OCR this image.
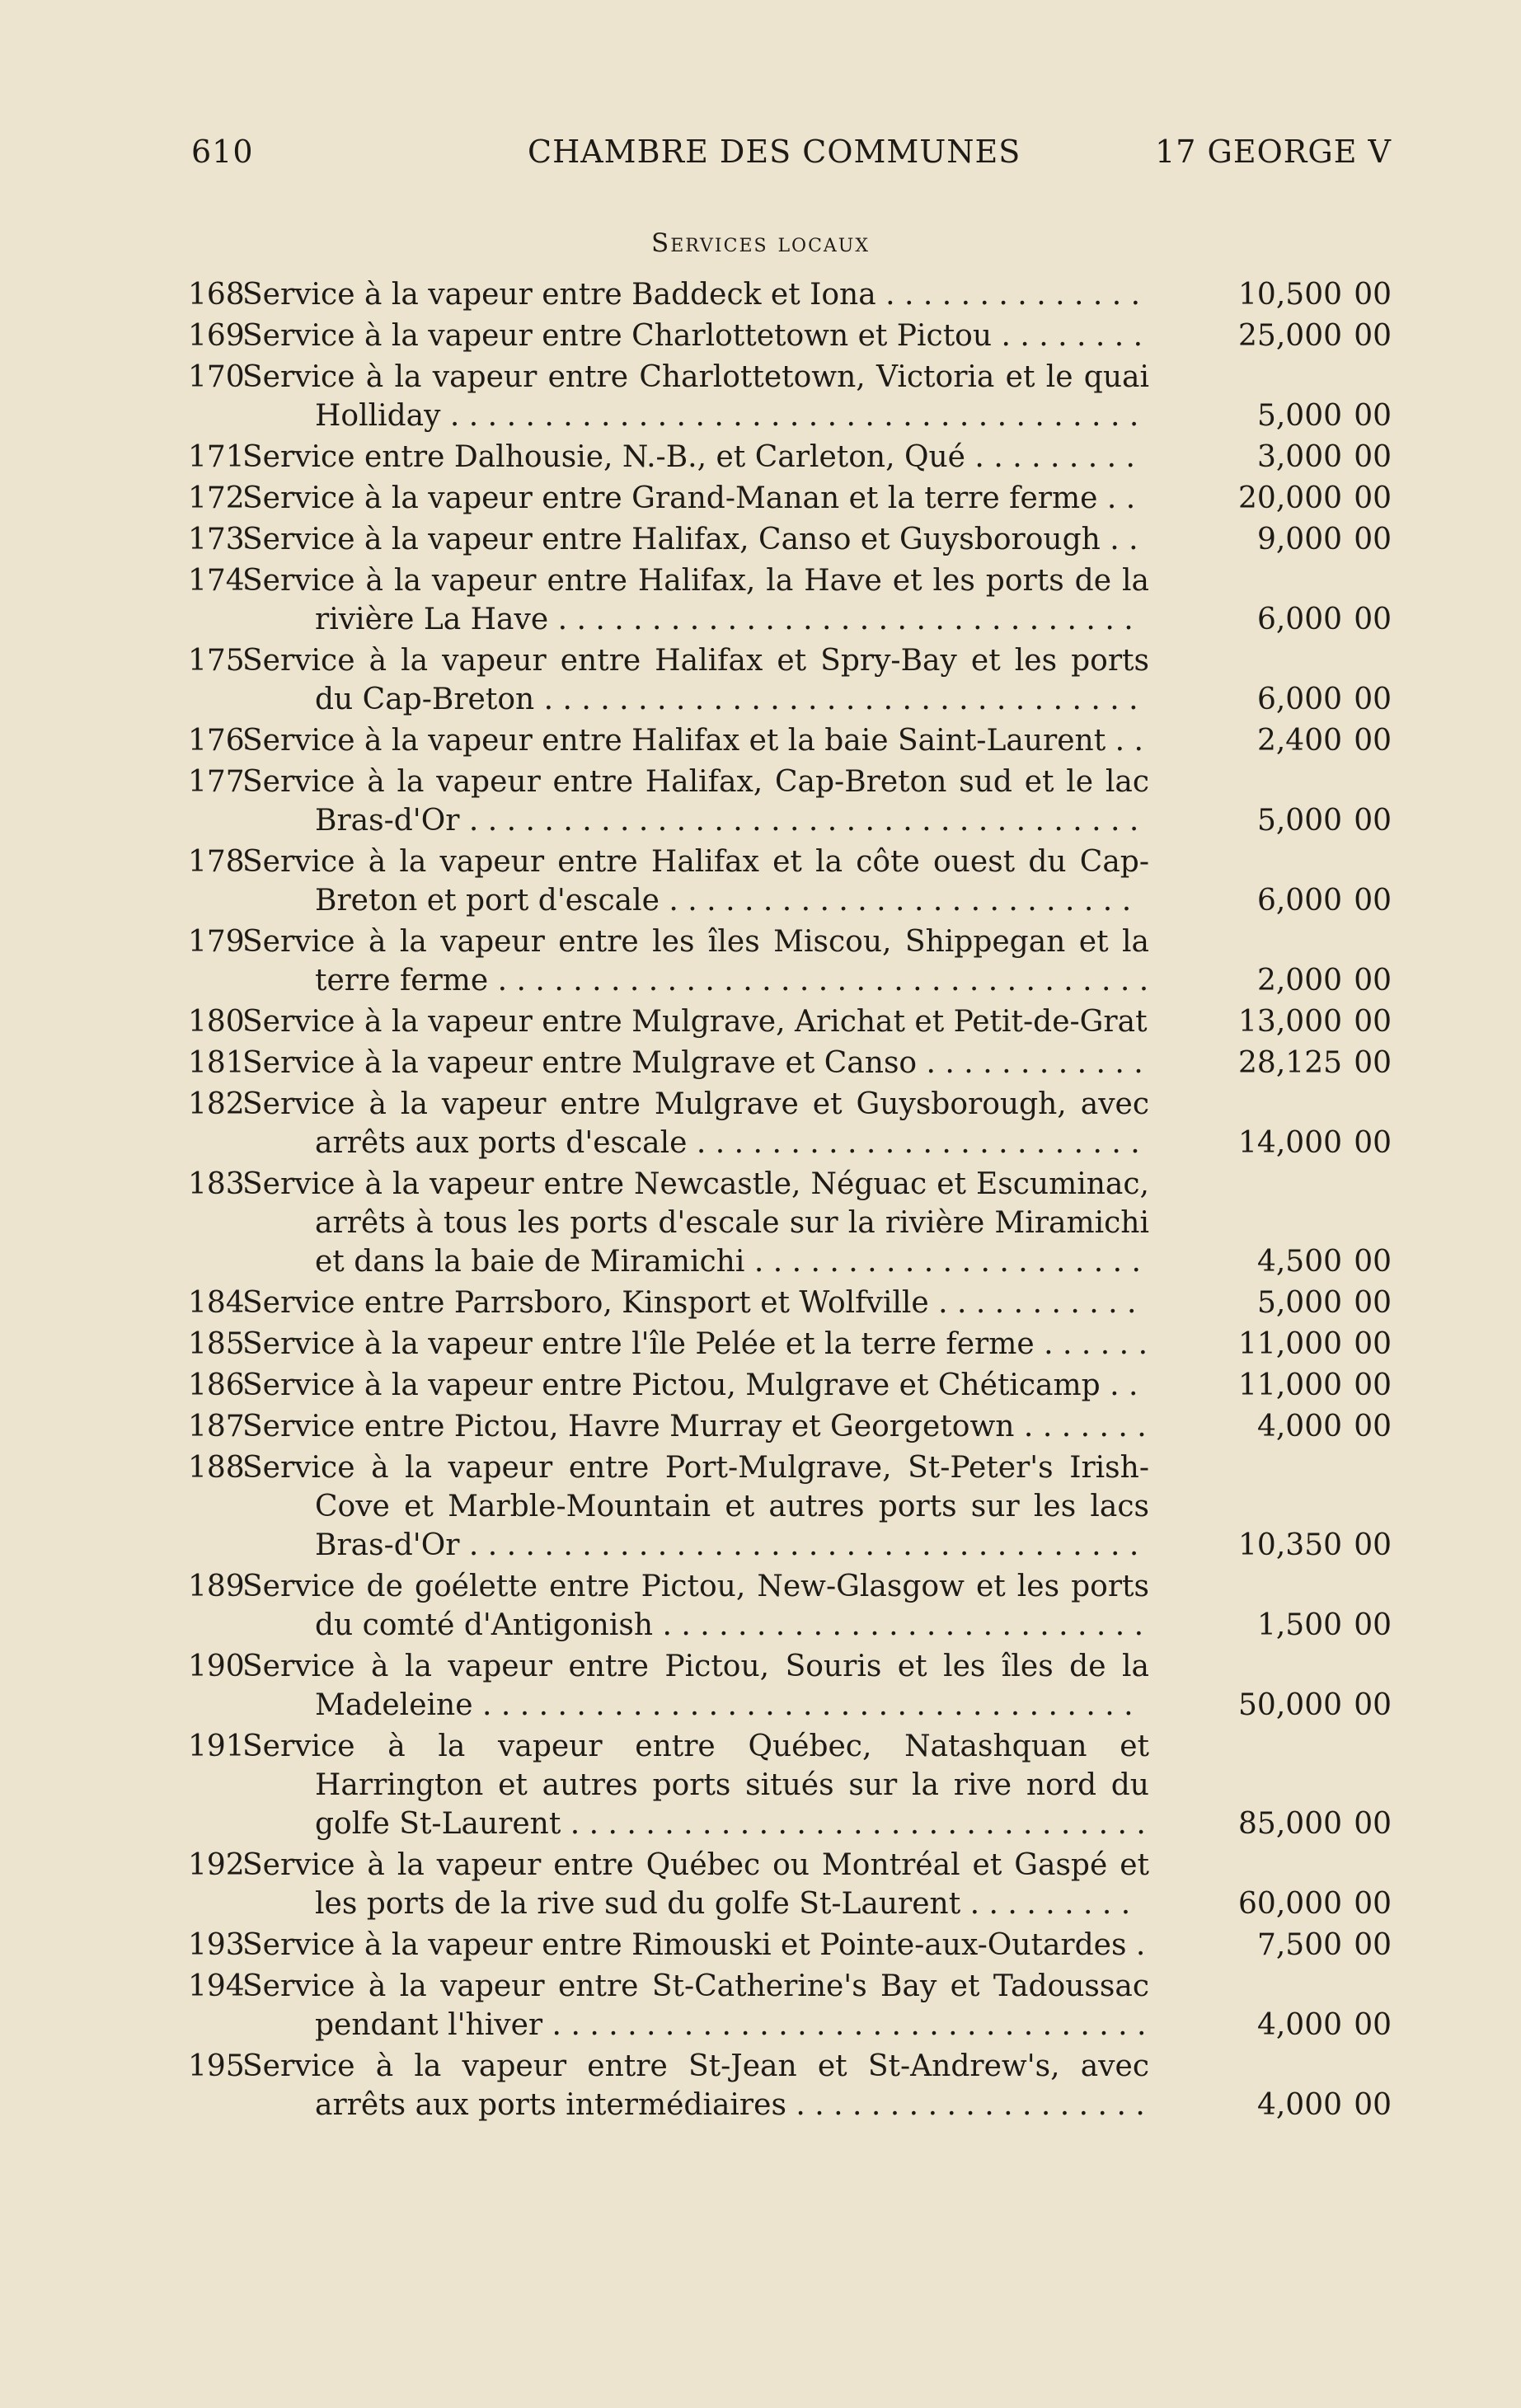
610	CHAMBRE DES COMMUNES	17 GEORGE V
Services locaux
168
Service à la vapeur entre Baddeck et Iona . . . . . . . . . . . . . .	10,500 00
169
Service à la vapeur entre Charlottetown et Pictou . . . . . . . .	25,000 00
170
Service à la vapeur entre Charlottetown, Victoria et le quai Holliday . . . . . . . . . . . . . . . . . . . . . . . . . . . . . . . . . . . . .	5,000 00
171
Service entre Dalhousie, N.-B., et Carleton, Qué . . . . . . . . .	3,000 00
172
Service à la vapeur entre Grand-Manan et la terre ferme . .	20,000 00
173
Service à la vapeur entre Halifax, Canso et Guysborough . .	9,000 00
174
Service à la vapeur entre Halifax, la Have et les ports de la rivière La Have . . . . . . . . . . . . . . . . . . . . . . . . . . . . . . .	6,000 00
175
Service à la vapeur entre Halifax et Spry-Bay et les ports du Cap-Breton . . . . . . . . . . . . . . . . . . . . . . . . . . . . . . . .	6,000 00
176
Service à la vapeur entre Halifax et la baie Saint-Laurent . .	2,400 00
177
Service à la vapeur entre Halifax, Cap-Breton sud et le lac Bras-d'Or . . . . . . . . . . . . . . . . . . . . . . . . . . . . . . . . . . . .	5,000 00
178
Service à la vapeur entre Halifax et la côte ouest du Cap-Breton et port d'escale . . . . . . . . . . . . . . . . . . . . . . . . .	6,000 00
179
Service à la vapeur entre les îles Miscou, Shippegan et la terre ferme . . . . . . . . . . . . . . . . . . . . . . . . . . . . . . . . . . .	2,000 00
180
Service à la vapeur entre Mulgrave, Arichat et Petit-de-Grat	13,000 00
181
Service à la vapeur entre Mulgrave et Canso . . . . . . . . . . . .	28,125 00
182
Service à la vapeur entre Mulgrave et Guysborough, avec arrêts aux ports d'escale . . . . . . . . . . . . . . . . . . . . . . . .	14,000 00
183
Service à la vapeur entre Newcastle, Néguac et Escuminac, arrêts à tous les ports d'escale sur la rivière Miramichi et dans la baie de Miramichi . . . . . . . . . . . . . . . . . . . . .	4,500 00
184
Service entre Parrsboro, Kinsport et Wolfville . . . . . . . . . . .	5,000 00
185
Service à la vapeur entre l'île Pelée et la terre ferme . . . . . .	11,000 00
186
Service à la vapeur entre Pictou, Mulgrave et Chéticamp . .	11,000 00
187
Service entre Pictou, Havre Murray et Georgetown . . . . . . .	4,000 00
188
Service à la vapeur entre Port-Mulgrave, St-Peter's Irish-Cove et Marble-Mountain et autres ports sur les lacs Bras-d'Or . . . . . . . . . . . . . . . . . . . . . . . . . . . . . . . . . . . .	10,350 00
189
Service de goélette entre Pictou, New-Glasgow et les ports du comté d'Antigonish . . . . . . . . . . . . . . . . . . . . . . . . . .	1,500 00
190
Service à la vapeur entre Pictou, Souris et les îles de la Madeleine . . . . . . . . . . . . . . . . . . . . . . . . . . . . . . . . . . .	50,000 00
191
Service à la vapeur entre Québec, Natashquan et Harrington et autres ports situés sur la rive nord du golfe St-Laurent . . . . . . . . . . . . . . . . . . . . . . . . . . . . . . .	85,000 00
192
Service à la vapeur entre Québec ou Montréal et Gaspé et les ports de la rive sud du golfe St-Laurent . . . . . . . . .	60,000 00
193
Service à la vapeur entre Rimouski et Pointe-aux-Outardes .	7,500 00
194
Service à la vapeur entre St-Catherine's Bay et Tadoussac pendant l'hiver . . . . . . . . . . . . . . . . . . . . . . . . . . . . . . . .	4,000 00
195
Service à la vapeur entre St-Jean et St-Andrew's, avec arrêts aux ports intermédiaires . . . . . . . . . . . . . . . . . . .	4,000 00
